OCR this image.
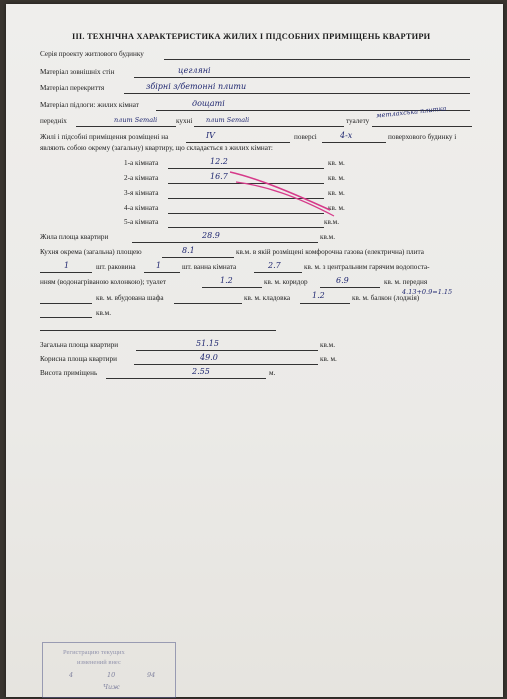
III. ТЕХНІЧНА ХАРАКТЕРИСТИКА ЖИЛИХ І ПІДСОБНИХ ПРИМІЩЕНЬ КВАРТИРИ
Серія проекту житлового будинку
Матеріал зовнішніх стін	цегляні
Матеріал перекриття	збірні з/бетонні плити
Матеріал підлоги: жилих кімнат	дощаті
передніх	плит Semali	кухні плит Semali	туалету
метлахська плитка
Жилі і підсобні приміщення розміщені на	IV	поверсі	4-х	поверхового будинку і
являють собою окрему (загальну) квартиру, що складається з жилих кімнат:
1-а кімната	12.2	кв. м.
2-а кімната	16.7	кв. м.
3-я кімната	кв. м.
4-а кімната	кв. м.
5-а кімната	кв.м.
Жила площа квартири	28.9	кв.м.
Кухня окрема (загальна) площею	8.1	кв.м. в якій розміщені комфорочна газова (електрична) плита
1	шт. раковина	1	шт. ванна кімната	2.7	кв. м. з центральним гарячим водопоста-
нням (водонагріваною колонкою); туалет	1.2	кв. м. коридор	6.9	кв. м. передня
4.13+0.9=1.15
кв. м. вбудована шафа	кв. м. кладовка	1.2	кв. м. балкон (лоджія)
кв.м.
Загальна площа квартири	51.15	кв.м.
Корисна площа квартири	49.0	кв. м.
Висота приміщень	2.55	м.
Регистрацию текущих
изменений внес
4	10	94
Чиж
